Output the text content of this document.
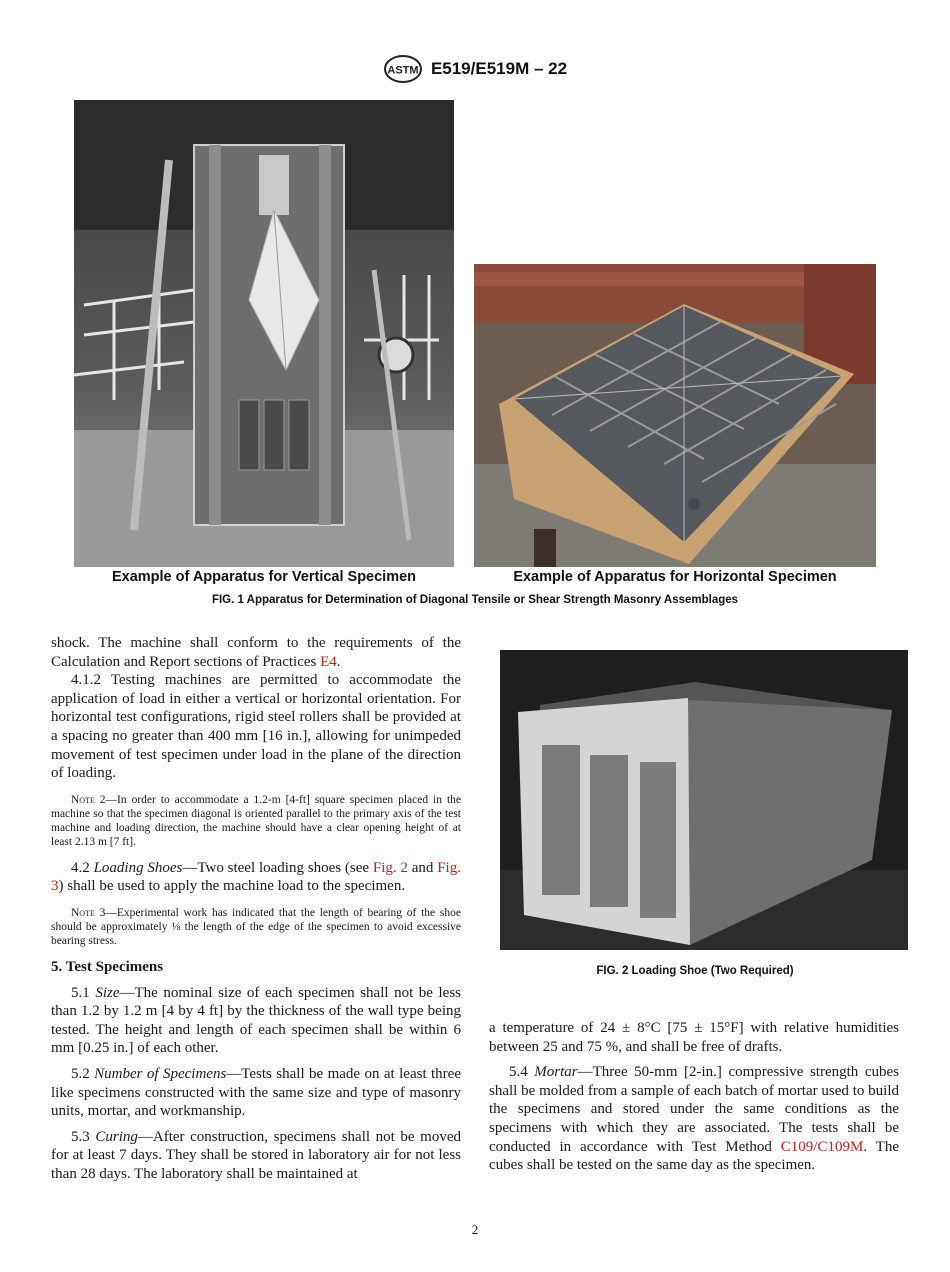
ASTM E519/E519M – 22
Example of Apparatus for Vertical Specimen	Example of Apparatus for Horizontal Specimen
FIG. 1 Apparatus for Determination of Diagonal Tensile or Shear Strength Masonry Assemblages
FIG. 2 Loading Shoe (Two Required)

shock. The machine shall conform to the requirements of the Calculation and Report sections of Practices E4.

4.1.2 Testing machines are permitted to accommodate the application of load in either a vertical or horizontal orientation. For horizontal test configurations, rigid steel rollers shall be provided at a spacing no greater than 400 mm [16 in.], allowing for unimpeded movement of test specimen under load in the plane of the direction of loading.

Note 2—In order to accommodate a 1.2-m [4-ft] square specimen placed in the machine so that the specimen diagonal is oriented parallel to the primary axis of the test machine and loading direction, the machine should have a clear opening height of at least 2.13 m [7 ft].

4.2 Loading Shoes—Two steel loading shoes (see Fig. 2 and Fig. 3) shall be used to apply the machine load to the specimen.

Note 3—Experimental work has indicated that the length of bearing of the shoe should be approximately ⅛ the length of the edge of the specimen to avoid excessive bearing stress.

5. Test Specimens

5.1 Size—The nominal size of each specimen shall not be less than 1.2 by 1.2 m [4 by 4 ft] by the thickness of the wall type being tested. The height and length of each specimen shall be within 6 mm [0.25 in.] of each other.

5.2 Number of Specimens—Tests shall be made on at least three like specimens constructed with the same size and type of masonry units, mortar, and workmanship.

5.3 Curing—After construction, specimens shall not be moved for at least 7 days. They shall be stored in laboratory air for not less than 28 days. The laboratory shall be maintained at

a temperature of 24 ± 8°C [75 ± 15°F] with relative humidities between 25 and 75 %, and shall be free of drafts.

5.4 Mortar—Three 50-mm [2-in.] compressive strength cubes shall be molded from a sample of each batch of mortar used to build the specimens and stored under the same conditions as the specimens with which they are associated. The tests shall be conducted in accordance with Test Method C109/C109M. The cubes shall be tested on the same day as the specimen.

2
